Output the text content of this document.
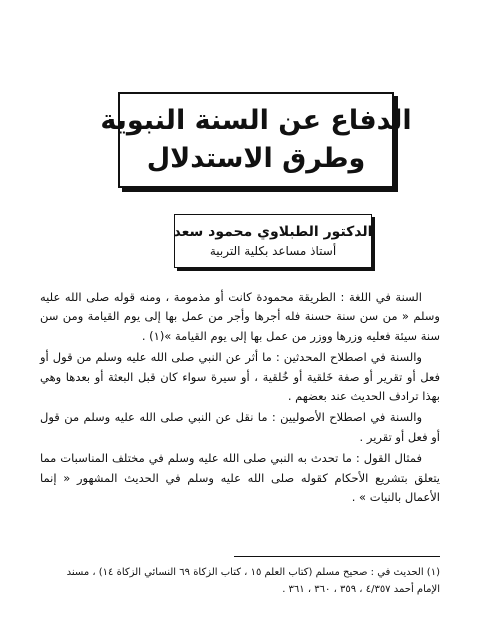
الدفاع عن السنة النبوية
وطرق الاستدلال
الدكتور الطبلاوي محمود سعد
أستاذ مساعد بكلية التربية

السنة في اللغة : الطريقة محمودة كانت أو مذمومة ، ومنه قوله صلى الله عليه وسلم « من سن سنة حسنة فله أجرها وأجر من عمل بها إلى يوم القيامة ومن سن سنة سيئة فعليه وزرها ووزر من عمل بها إلى يوم القيامة »(١) .

والسنة في اصطلاح المحدثين : ما أثر عن النبي صلى الله عليه وسلم من قول أو فعل أو تقرير أو صفة خَلقية أو خُلقية ، أو سيرة سواء كان قبل البعثة أو بعدها وهي بهذا ترادف الحديث عند بعضهم .

والسنة في اصطلاح الأصوليين : ما نقل عن النبي صلى الله عليه وسلم من قول أو فعل أو تقرير .

فمثال القول : ما تحدث به النبي صلى الله عليه وسلم في مختلف المناسبات مما يتعلق بتشريع الأحكام كقوله صلى الله عليه وسلم في الحديث المشهور « إنما الأعمال بالنيات » .

(١) الحديث في : صحيح مسلم (كتاب العلم ١٥ ، كتاب الزكاة ٦٩ النسائي الزكاة ١٤) ، مسند
الإمام أحمد ٤/٣٥٧ ، ٣٥٩ ، ٣٦٠ ، ٣٦١ .
